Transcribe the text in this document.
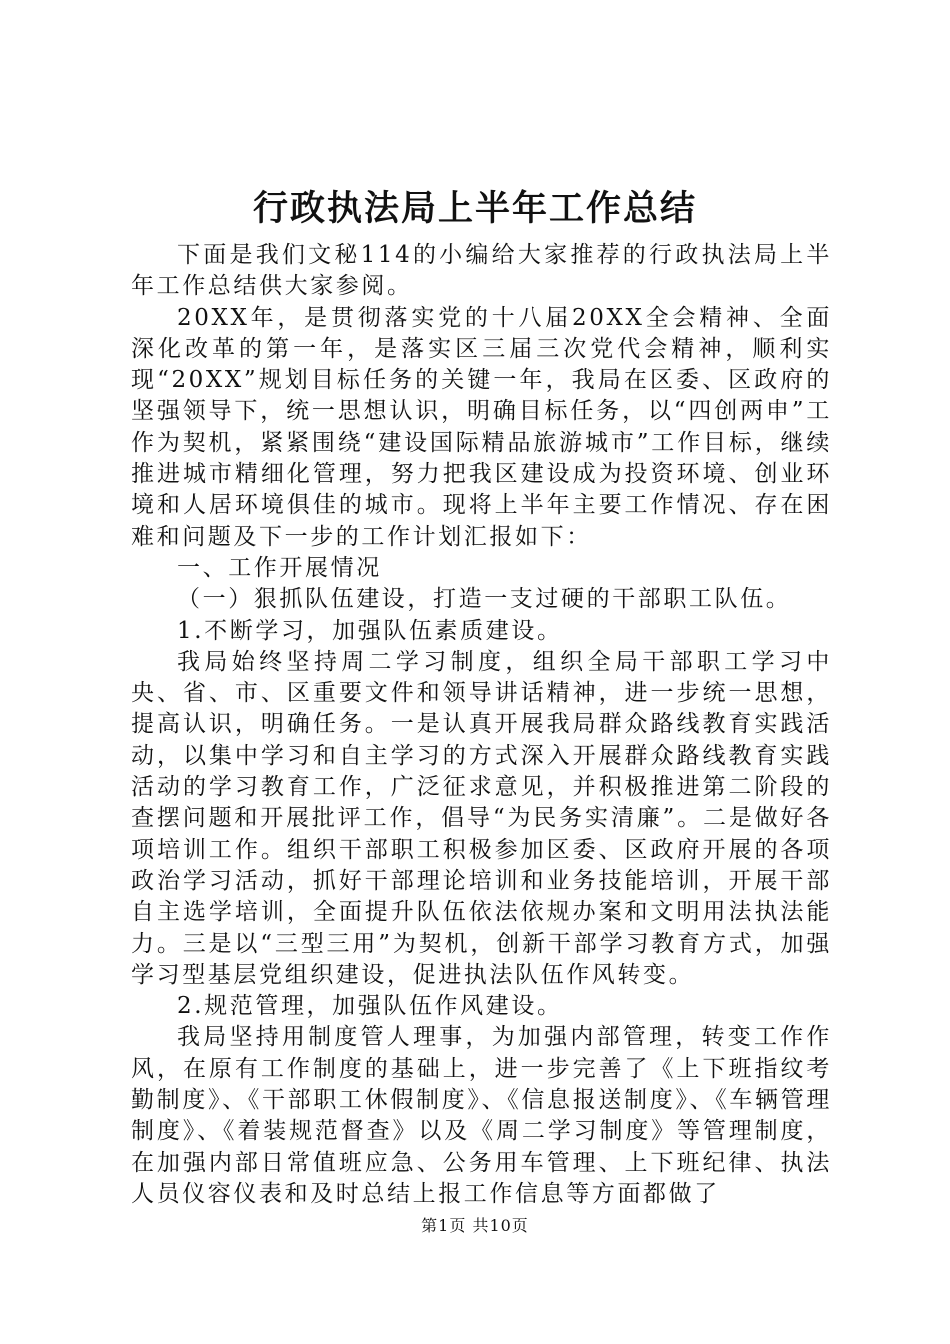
行政执法局上半年工作总结

下面是我们文秘114的小编给大家推荐的行政执法局上半年工作总结供大家参阅。

20XX年，是贯彻落实党的十八届20XX全会精神、全面深化改革的第一年，是落实区三届三次党代会精神，顺利实现“20XX”规划目标任务的关键一年，我局在区委、区政府的坚强领导下，统一思想认识，明确目标任务，以“四创两申”工作为契机，紧紧围绕“建设国际精品旅游城市”工作目标，继续推进城市精细化管理，努力把我区建设成为投资环境、创业环境和人居环境俱佳的城市。现将上半年主要工作情况、存在困难和问题及下一步的工作计划汇报如下：

一、工作开展情况

（一）狠抓队伍建设，打造一支过硬的干部职工队伍。

1.不断学习，加强队伍素质建设。

我局始终坚持周二学习制度，组织全局干部职工学习中央、省、市、区重要文件和领导讲话精神，进一步统一思想，提高认识，明确任务。一是认真开展我局群众路线教育实践活动，以集中学习和自主学习的方式深入开展群众路线教育实践活动的学习教育工作，广泛征求意见，并积极推进第二阶段的查摆问题和开展批评工作，倡导“为民务实清廉”。二是做好各项培训工作。组织干部职工积极参加区委、区政府开展的各项政治学习活动，抓好干部理论培训和业务技能培训，开展干部自主选学培训，全面提升队伍依法依规办案和文明用法执法能力。三是以“三型三用”为契机，创新干部学习教育方式，加强学习型基层党组织建设，促进执法队伍作风转变。

2.规范管理，加强队伍作风建设。

我局坚持用制度管人理事，为加强内部管理，转变工作作风，在原有工作制度的基础上，进一步完善了《上下班指纹考勤制度》、《干部职工休假制度》、《信息报送制度》、《车辆管理制度》、《着装规范督查》以及《周二学习制度》等管理制度，在加强内部日常值班应急、公务用车管理、上下班纪律、执法人员仪容仪表和及时总结上报工作信息等方面都做了

第1页 共10页
